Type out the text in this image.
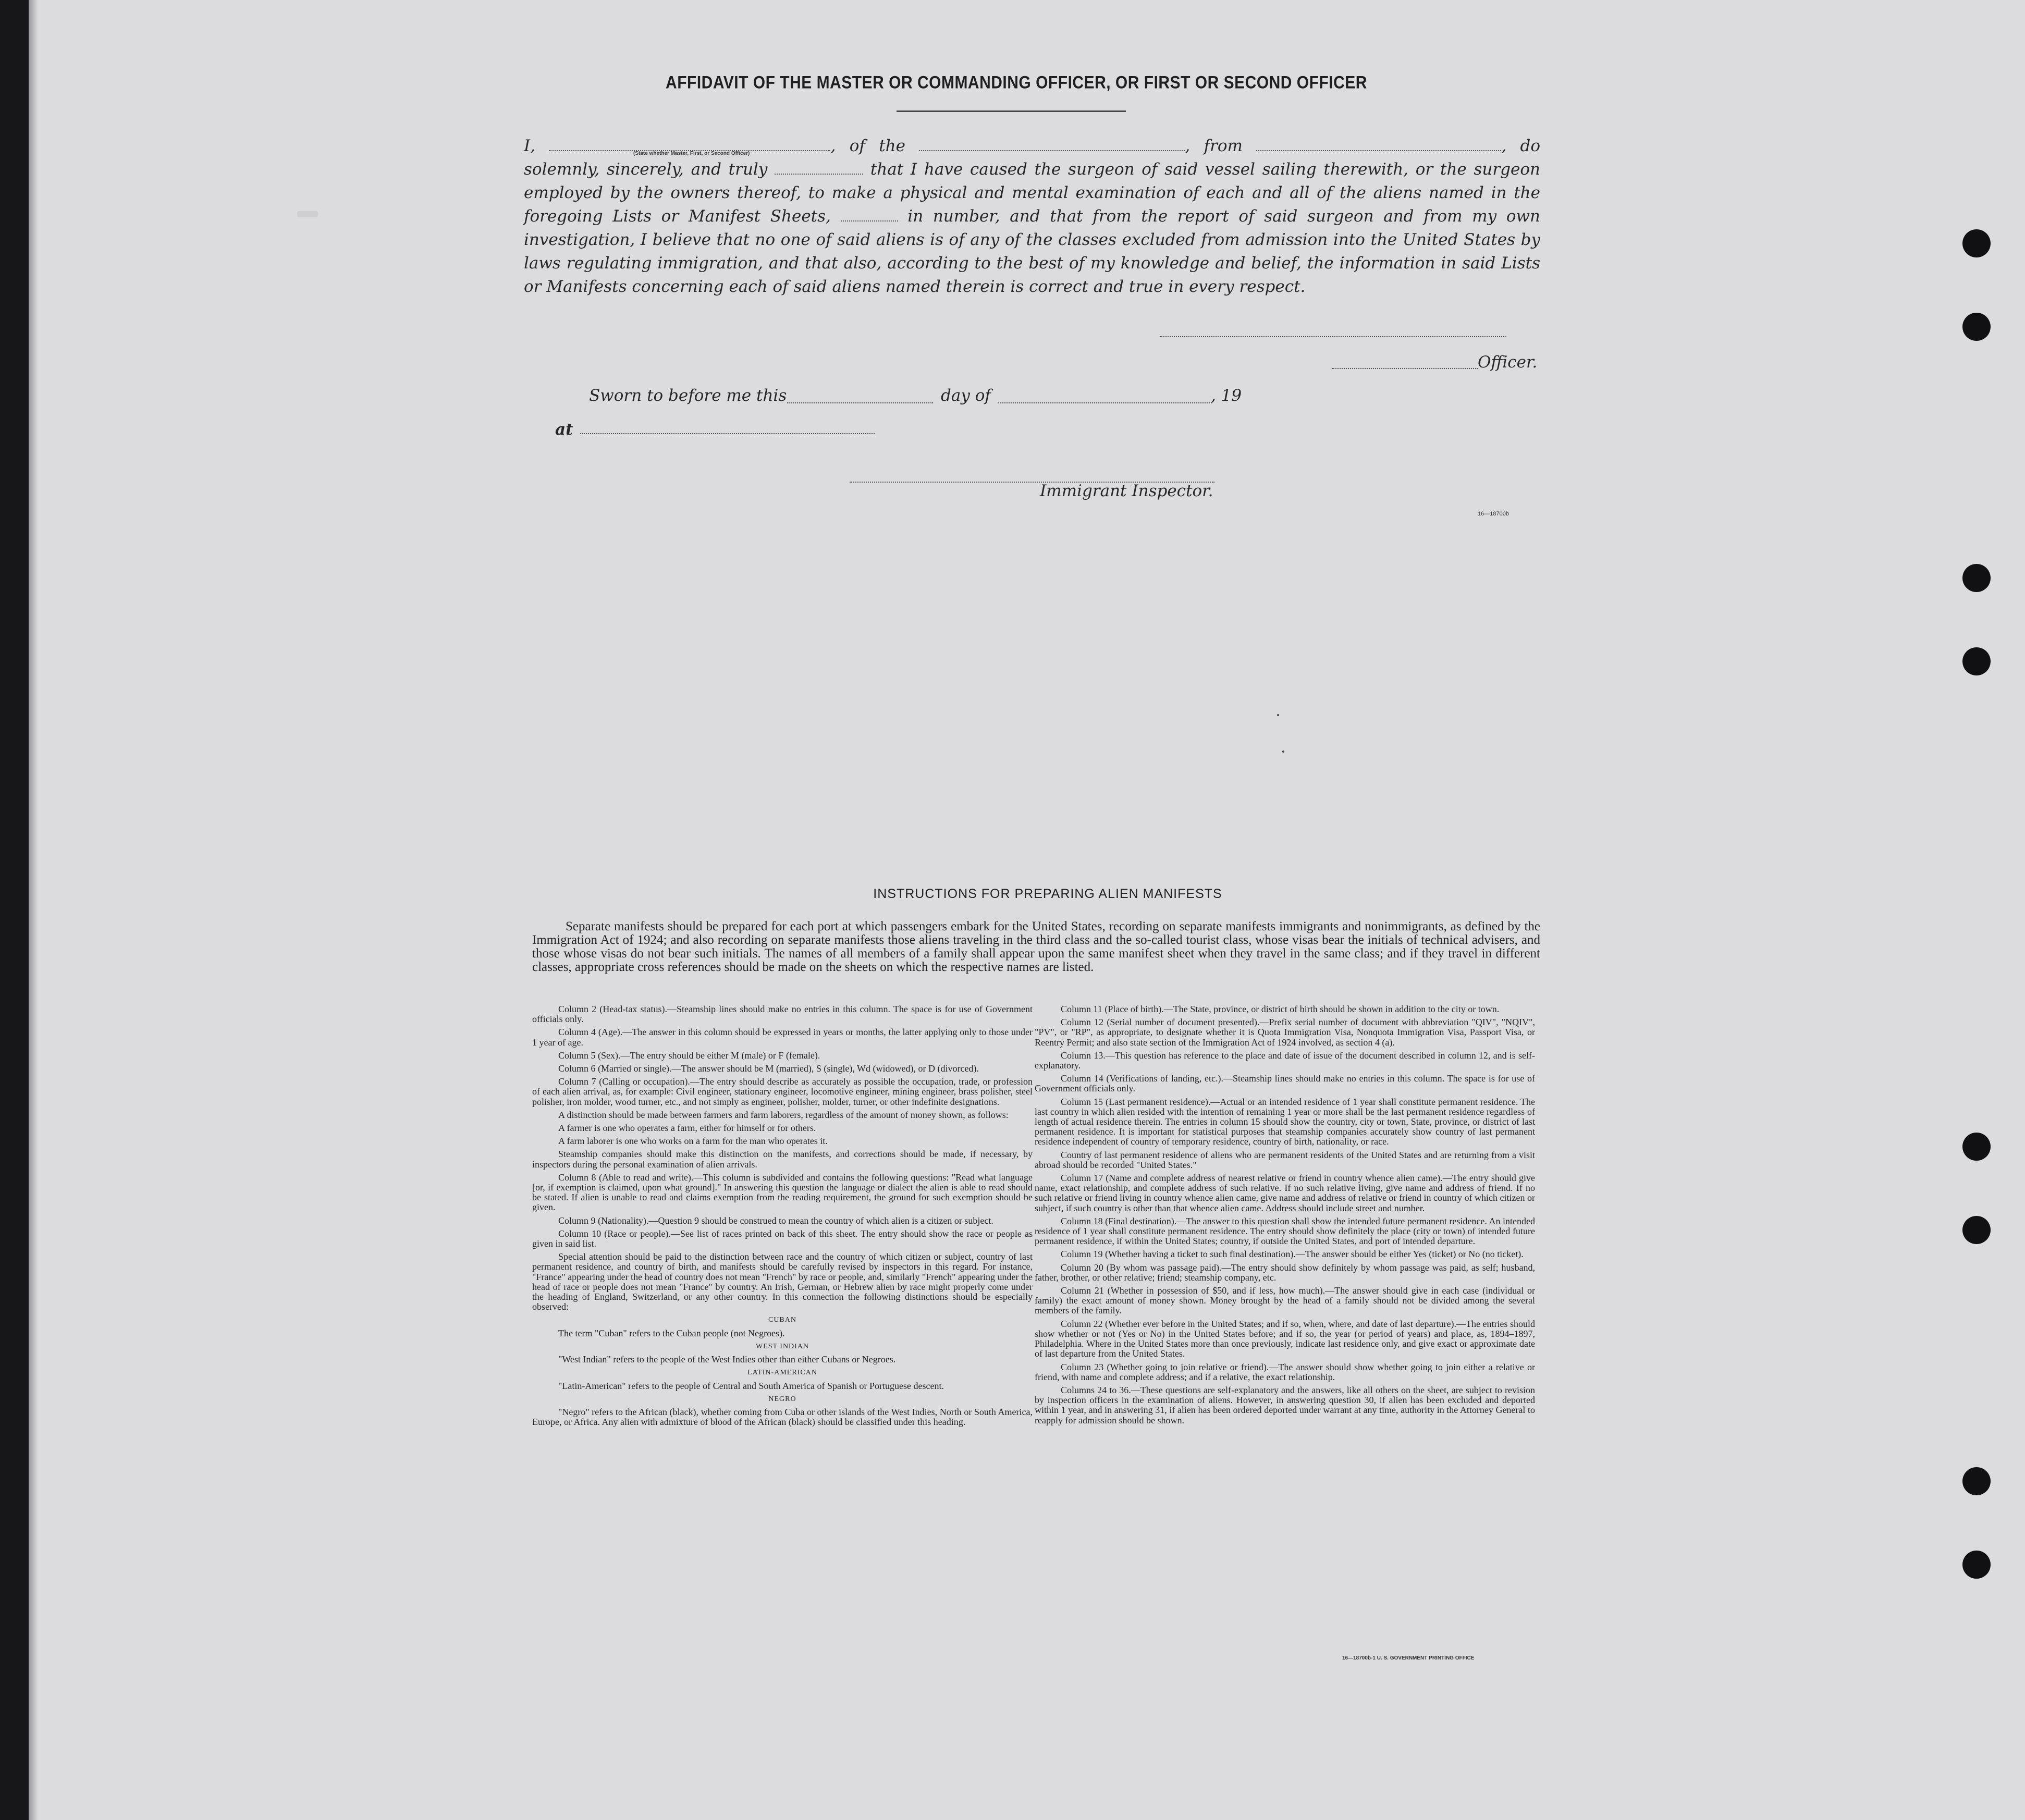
AFFIDAVIT OF THE MASTER OR COMMANDING OFFICER, OR FIRST OR SECOND OFFICER
I,	, of the	, from	, do solemnly, sincerely, and truly	that I have caused the surgeon of said vessel sailing therewith, or the surgeon employed by the owners thereof, to make a physical and mental examination of each and all of the aliens named in the foregoing Lists or Manifest Sheets,	in number, and that from the report of said surgeon and from my own investigation, I believe that no one of said aliens is of any of the classes excluded from admission into the United States by laws regulating immigration, and that also, according to the best of my knowledge and belief, the information in said Lists or Manifests concerning each of said aliens named therein is correct and true in every respect.
(State whether Master, First, or Second Officer)
Officer.
Sworn to before me this	day of	, 19
at
Immigrant Inspector.
16—18700b
INSTRUCTIONS FOR PREPARING ALIEN MANIFESTS
Separate manifests should be prepared for each port at which passengers embark for the United States, recording on separate manifests immigrants and nonimmigrants, as defined by the Immigration Act of 1924; and also recording on separate manifests those aliens traveling in the third class and the so-called tourist class, whose visas bear the initials of technical advisers, and those whose visas do not bear such initials. The names of all members of a family shall appear upon the same manifest sheet when they travel in the same class; and if they travel in different classes, appropriate cross references should be made on the sheets on which the respective names are listed.

Column 2 (Head-tax status).—Steamship lines should make no entries in this column. The space is for use of Government officials only.

Column 4 (Age).—The answer in this column should be expressed in years or months, the latter applying only to those under 1 year of age.

Column 5 (Sex).—The entry should be either M (male) or F (female).

Column 6 (Married or single).—The answer should be M (married), S (single), Wd (widowed), or D (divorced).

Column 7 (Calling or occupation).—The entry should describe as accurately as possible the occupation, trade, or profession of each alien arrival, as, for example: Civil engineer, stationary engineer, locomotive engineer, mining engineer, brass polisher, steel polisher, iron molder, wood turner, etc., and not simply as engineer, polisher, molder, turner, or other indefinite designations.

A distinction should be made between farmers and farm laborers, regardless of the amount of money shown, as follows:

A farmer is one who operates a farm, either for himself or for others.

A farm laborer is one who works on a farm for the man who operates it.

Steamship companies should make this distinction on the manifests, and corrections should be made, if necessary, by inspectors during the personal examination of alien arrivals.

Column 8 (Able to read and write).—This column is subdivided and contains the following questions: "Read what language [or, if exemption is claimed, upon what ground]." In answering this question the language or dialect the alien is able to read should be stated. If alien is unable to read and claims exemption from the reading requirement, the ground for such exemption should be given.

Column 9 (Nationality).—Question 9 should be construed to mean the country of which alien is a citizen or subject.

Column 10 (Race or people).—See list of races printed on back of this sheet. The entry should show the race or people as given in said list.

Special attention should be paid to the distinction between race and the country of which citizen or subject, country of last permanent residence, and country of birth, and manifests should be carefully revised by inspectors in this regard. For instance, "France" appearing under the head of country does not mean "French" by race or people, and, similarly "French" appearing under the head of race or people does not mean "France" by country. An Irish, German, or Hebrew alien by race might properly come under the heading of England, Switzerland, or any other country. In this connection the following distinctions should be especially observed:

CUBAN

The term "Cuban" refers to the Cuban people (not Negroes).

WEST INDIAN

"West Indian" refers to the people of the West Indies other than either Cubans or Negroes.

LATIN-AMERICAN

"Latin-American" refers to the people of Central and South America of Spanish or Portuguese descent.

NEGRO

"Negro" refers to the African (black), whether coming from Cuba or other islands of the West Indies, North or South America, Europe, or Africa. Any alien with admixture of blood of the African (black) should be classified under this heading.

Column 11 (Place of birth).—The State, province, or district of birth should be shown in addition to the city or town.

Column 12 (Serial number of document presented).—Prefix serial number of document with abbreviation "QIV", "NQIV", "PV", or "RP", as appropriate, to designate whether it is Quota Immigration Visa, Nonquota Immigration Visa, Passport Visa, or Reentry Permit; and also state section of the Immigration Act of 1924 involved, as section 4 (a).

Column 13.—This question has reference to the place and date of issue of the document described in column 12, and is self-explanatory.

Column 14 (Verifications of landing, etc.).—Steamship lines should make no entries in this column. The space is for use of Government officials only.

Column 15 (Last permanent residence).—Actual or an intended residence of 1 year shall constitute permanent residence. The last country in which alien resided with the intention of remaining 1 year or more shall be the last permanent residence regardless of length of actual residence therein. The entries in column 15 should show the country, city or town, State, province, or district of last permanent residence. It is important for statistical purposes that steamship companies accurately show country of last permanent residence independent of country of temporary residence, country of birth, nationality, or race.

Country of last permanent residence of aliens who are permanent residents of the United States and are returning from a visit abroad should be recorded "United States."

Column 17 (Name and complete address of nearest relative or friend in country whence alien came).—The entry should give name, exact relationship, and complete address of such relative. If no such relative living, give name and address of friend. If no such relative or friend living in country whence alien came, give name and address of relative or friend in country of which citizen or subject, if such country is other than that whence alien came. Address should include street and number.

Column 18 (Final destination).—The answer to this question shall show the intended future permanent residence. An intended residence of 1 year shall constitute permanent residence. The entry should show definitely the place (city or town) of intended future permanent residence, if within the United States; country, if outside the United States, and port of intended departure.

Column 19 (Whether having a ticket to such final destination).—The answer should be either Yes (ticket) or No (no ticket).

Column 20 (By whom was passage paid).—The entry should show definitely by whom passage was paid, as self; husband, father, brother, or other relative; friend; steamship company, etc.

Column 21 (Whether in possession of $50, and if less, how much).—The answer should give in each case (individual or family) the exact amount of money shown. Money brought by the head of a family should not be divided among the several members of the family.

Column 22 (Whether ever before in the United States; and if so, when, where, and date of last departure).—The entries should show whether or not (Yes or No) in the United States before; and if so, the year (or period of years) and place, as, 1894–1897, Philadelphia. Where in the United States more than once previously, indicate last residence only, and give exact or approximate date of last departure from the United States.

Column 23 (Whether going to join relative or friend).—The answer should show whether going to join either a relative or friend, with name and complete address; and if a relative, the exact relationship.

Columns 24 to 36.—These questions are self-explanatory and the answers, like all others on the sheet, are subject to revision by inspection officers in the examination of aliens. However, in answering question 30, if alien has been excluded and deported within 1 year, and in answering 31, if alien has been ordered deported under warrant at any time, authority in the Attorney General to reapply for admission should be shown.

16—18700b-1 U. S. GOVERNMENT PRINTING OFFICE
